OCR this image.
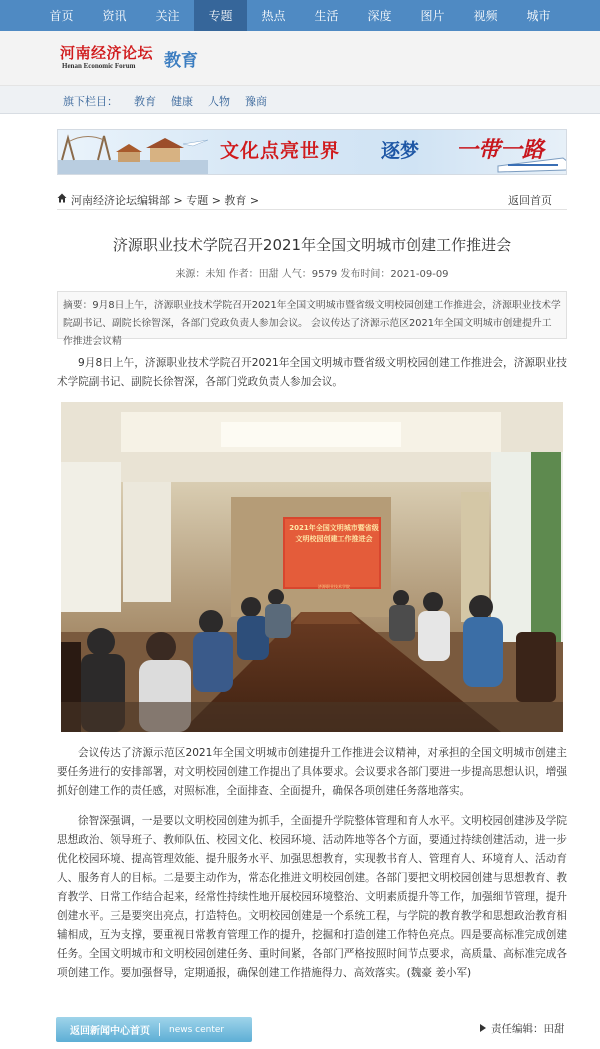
首页	资讯	关注	专题	热点	生活	深度	图片	视频	城市
河南经济论坛
Henan Economic Forum	教育
旗下栏目： 教育 健康 人物 豫商
文化点亮世界 逐梦 一带一路
河南经济论坛编辑部 > 专题 > 教育 >	返回首页
济源职业技术学院召开2021年全国文明城市创建工作推进会
来源：未知 作者：田甜 人气：9579 发布时间：2021-09-09
摘要：9月8日上午，济源职业技术学院召开2021年全国文明城市暨省级文明校园创建工作推进会，济源职业技术学院副书记、副院长徐智深，各部门党政负责人参加会议。 会议传达了济源示范区2021年全国文明城市创建提升工作推进会议精
9月8日上午，济源职业技术学院召开2021年全国文明城市暨省级文明校园创建工作推进会，济源职业技术学院副书记、副院长徐智深，各部门党政负责人参加会议。
2021年全国文明城市暨省级文明校园创建工作推进会
济源职业技术学院
会议传达了济源示范区2021年全国文明城市创建提升工作推进会议精神，对承担的全国文明城市创建主要任务进行的安排部署，对文明校园创建工作提出了具体要求。会议要求各部门要进一步提高思想认识，增强抓好创建工作的责任感，对照标准，全面排查、全面提升，确保各项创建任务落地落实。
徐智深强调，一是要以文明校园创建为抓手，全面提升学院整体管理和育人水平。文明校园创建涉及学院思想政治、领导班子、教师队伍、校园文化、校园环境、活动阵地等各个方面，要通过持续创建活动，进一步优化校园环境、提高管理效能、提升服务水平、加强思想教育，实现教书育人、管理育人、环境育人、活动育人、服务育人的目标。二是要主动作为，常态化推进文明校园创建。各部门要把文明校园创建与思想教育、教育教学、日常工作结合起来，经常性持续性地开展校园环境整治、文明素质提升等工作，加强细节管理，提升创建水平。三是要突出亮点，打造特色。文明校园创建是一个系统工程，与学院的教育教学和思想政治教育相辅相成，互为支撑，要重视日常教育管理工作的提升，挖掘和打造创建工作特色亮点。四是要高标准完成创建任务。全国文明城市和文明校园创建任务、重时间紧，各部门严格按照时间节点要求，高质量、高标准完成各项创建工作。要加强督导，定期通报，确保创建工作措施得力、高效落实。(魏豪 姜小军)
返回新闻中心首页 news center	责任编辑：田甜
